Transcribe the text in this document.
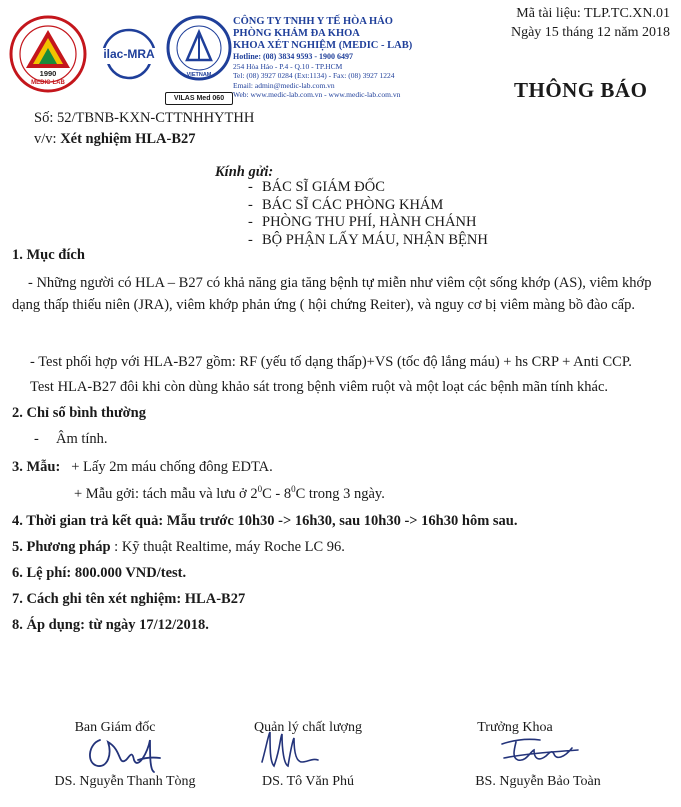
1990
MEDIC-LAB
ilac-MRA
VIETNAM
VILAS Med 060
CÔNG TY TNHH Y TẾ HÒA HẢO
PHÒNG KHÁM ĐA KHOA
KHOA XÉT NGHIỆM (MEDIC - LAB)
Hotline: (08) 3834 9593 - 1900 6497
254 Hòa Hảo - P.4 - Q.10 - TP.HCM
Tel: (08) 3927 0284 (Ext:1134) - Fax: (08) 3927 1224
Email: admin@medic-lab.com.vn
Web: www.medic-lab.com.vn - www.medic-lab.com.vn
Mã tài liệu: TLP.TC.XN.01
Ngày 15 tháng 12 năm 2018
THÔNG BÁO
Số: 52/TBNB-KXN-CTTNHHYTHH
v/v: Xét nghiệm HLA-B27
Kính gửi:
- BÁC SĨ GIÁM ĐỐC
- BÁC SĨ CÁC PHÒNG KHÁM
- PHÒNG THU PHÍ, HÀNH CHÁNH
- BỘ PHẬN LẤY MÁU, NHẬN BỆNH
1. Mục đích
- Những người có HLA – B27 có khả năng gia tăng bệnh tự miễn như viêm cột sống khớp (AS), viêm khớp dạng thấp thiếu niên (JRA), viêm khớp phản ứng ( hội chứng Reiter), và nguy cơ bị viêm màng bồ đào cấp.
- Test phối hợp với HLA-B27 gồm: RF (yếu tố dạng thấp)+VS (tốc độ lắng máu) + hs CRP + Anti CCP.
Test HLA-B27 đôi khi còn dùng khảo sát trong bệnh viêm ruột và một loạt các bệnh mãn tính khác.
2. Chỉ số bình thường
- Âm tính.
3. Mẫu: + Lấy 2m máu chống đông EDTA.
+ Mẫu gởi: tách mẫu và lưu ở $2^0C - 8^0C$ trong 3 ngày.
4. Thời gian trả kết quả: Mẫu trước 10h30 -> 16h30, sau 10h30 -> 16h30 hôm sau.
5. Phương pháp : Kỹ thuật Realtime, máy Roche LC 96.
6. Lệ phí: 800.000 VND/test.
7. Cách ghi tên xét nghiệm: HLA-B27
8. Áp dụng: từ ngày 17/12/2018.
Ban Giám đốc
DS. Nguyễn Thanh Tòng
Quản lý chất lượng
DS. Tô Văn Phú
Trưởng Khoa
BS. Nguyễn Bảo Toàn
